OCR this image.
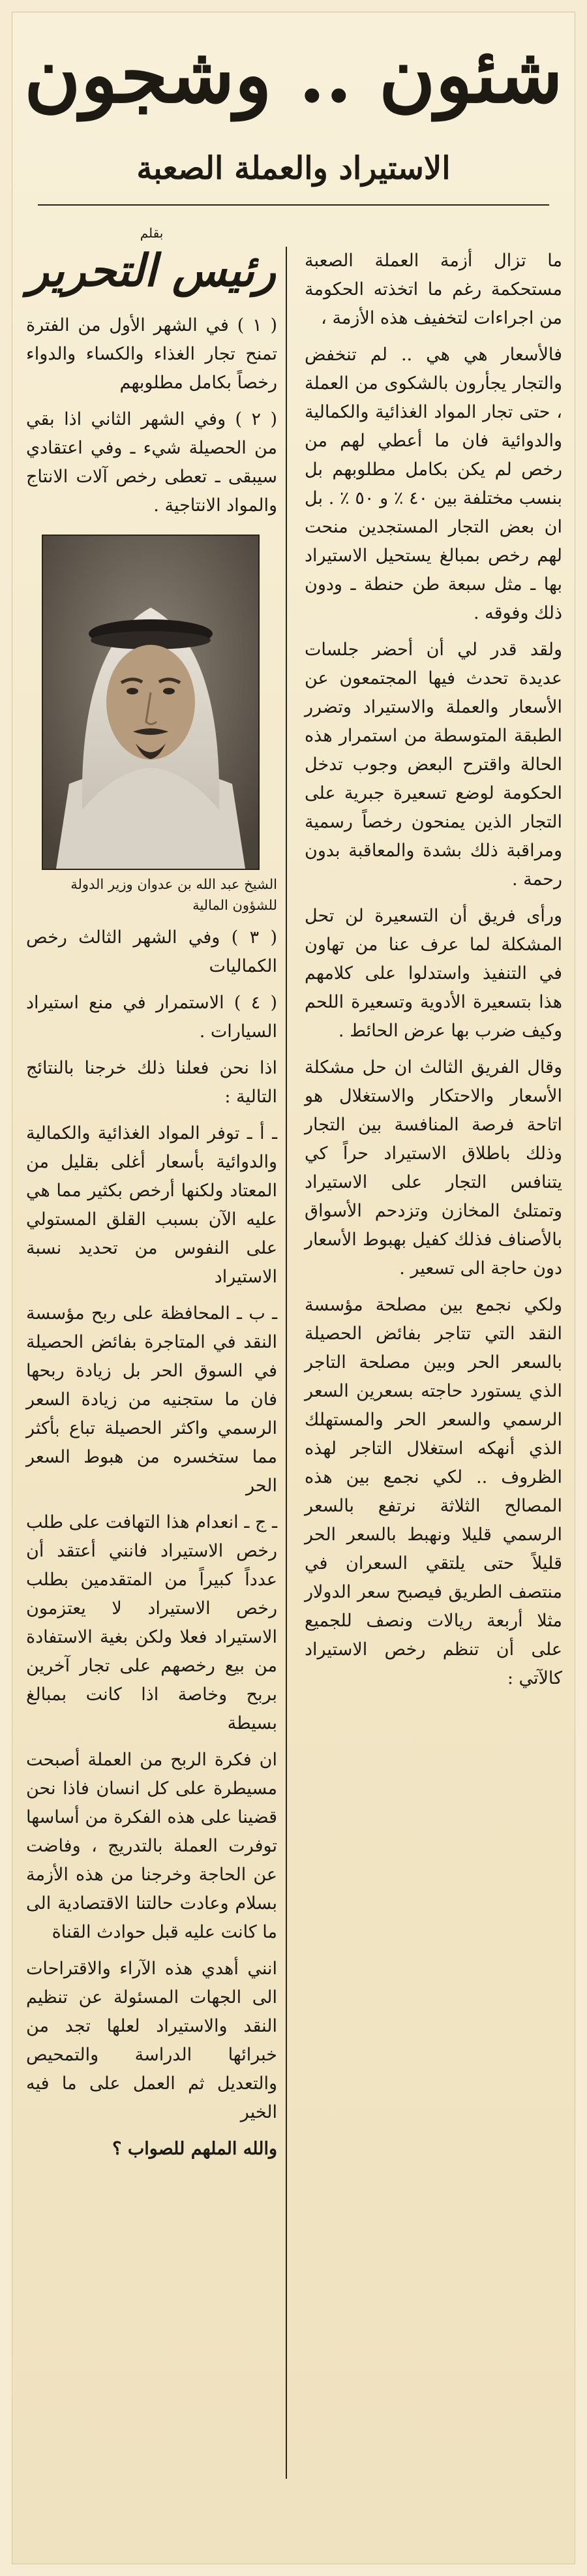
شئون .. وشجون
الاستيراد والعملة الصعبة

ما تزال أزمة العملة الصعبة مستحكمة رغم ما اتخذته الحكومة من اجراءات لتخفيف هذه الأزمة ،

فالأسعار هي هي .. لم تنخفض والتجار يجأرون بالشكوى من العملة ، حتى تجار المواد الغذائية والكمالية والدوائية فان ما أعطي لهم من رخص لم يكن بكامل مطلوبهم بل بنسب مختلفة بين ٤٠ ٪ و ٥٠ ٪ . بل ان بعض التجار المستجدين منحت لهم رخص بمبالغ يستحيل الاستيراد بها ـ مثل سبعة طن حنطة ـ ودون ذلك وفوقه .

ولقد قدر لي أن أحضر جلسات عديدة تحدث فيها المجتمعون عن الأسعار والعملة والاستيراد وتضرر الطبقة المتوسطة من استمرار هذه الحالة واقترح البعض وجوب تدخل الحكومة لوضع تسعيرة جبرية على التجار الذين يمنحون رخصاً رسمية ومراقبة ذلك بشدة والمعاقبة بدون رحمة .

ورأى فريق أن التسعيرة لن تحل المشكلة لما عرف عنا من تهاون في التنفيذ واستدلوا على كلامهم هذا بتسعيرة الأدوية وتسعيرة اللحم وكيف ضرب بها عرض الحائط .

وقال الفريق الثالث ان حل مشكلة الأسعار والاحتكار والاستغلال هو اتاحة فرصة المنافسة بين التجار وذلك باطلاق الاستيراد حراً كي يتنافس التجار على الاستيراد وتمتلئ المخازن وتزدحم الأسواق بالأصناف فذلك كفيل بهبوط الأسعار دون حاجة الى تسعير .

ولكي نجمع بين مصلحة مؤسسة النقد التي تتاجر بفائض الحصيلة بالسعر الحر وبين مصلحة التاجر الذي يستورد حاجته بسعرين السعر الرسمي والسعر الحر والمستهلك الذي أنهكه استغلال التاجر لهذه الظروف .. لكي نجمع بين هذه المصالح الثلاثة نرتفع بالسعر الرسمي قليلا ونهبط بالسعر الحر قليلاً حتى يلتقي السعران في منتصف الطريق فيصبح سعر الدولار مثلا أربعة ريالات ونصف للجميع على أن تنظم رخص الاستيراد كالآتي :

بقلم
رئيس التحرير

( ١ ) في الشهر الأول من الفترة تمنح تجار الغذاء والكساء والدواء رخصاً بكامل مطلوبهم

( ٢ ) وفي الشهر الثاني اذا بقي من الحصيلة شيء ـ وفي اعتقادي سيبقى ـ تعطى رخص آلات الانتاج والمواد الانتاجية .

الشيخ عبد الله بن عدوان وزير الدولة للشؤون المالية

( ٣ ) وفي الشهر الثالث رخص الكماليات

( ٤ ) الاستمرار في منع استيراد السيارات .

اذا نحن فعلنا ذلك خرجنا بالنتائج التالية :

ـ أ ـ توفر المواد الغذائية والكمالية والدوائية بأسعار أغلى بقليل من المعتاد ولكنها أرخص بكثير مما هي عليه الآن بسبب القلق المستولي على النفوس من تحديد نسبة الاستيراد

ـ ب ـ المحافظة على ربح مؤسسة النقد في المتاجرة بفائض الحصيلة في السوق الحر بل زيادة ربحها فان ما ستجنيه من زيادة السعر الرسمي واكثر الحصيلة تباع بأكثر مما ستخسره من هبوط السعر الحر

ـ ج ـ انعدام هذا التهافت على طلب رخص الاستيراد فانني أعتقد أن عدداً كبيراً من المتقدمين بطلب رخص الاستيراد لا يعتزمون الاستيراد فعلا ولكن بغية الاستفادة من بيع رخصهم على تجار آخرين بربح وخاصة اذا كانت بمبالغ بسيطة

ان فكرة الربح من العملة أصبحت مسيطرة على كل انسان فاذا نحن قضينا على هذه الفكرة من أساسها توفرت العملة بالتدريج ، وفاضت عن الحاجة وخرجنا من هذه الأزمة بسلام وعادت حالتنا الاقتصادية الى ما كانت عليه قبل حوادث القناة

انني أهدي هذه الآراء والاقتراحات الى الجهات المسئولة عن تنظيم النقد والاستيراد لعلها تجد من خبرائها الدراسة والتمحيص والتعديل ثم العمل على ما فيه الخير

والله الملهم للصواب ؟
